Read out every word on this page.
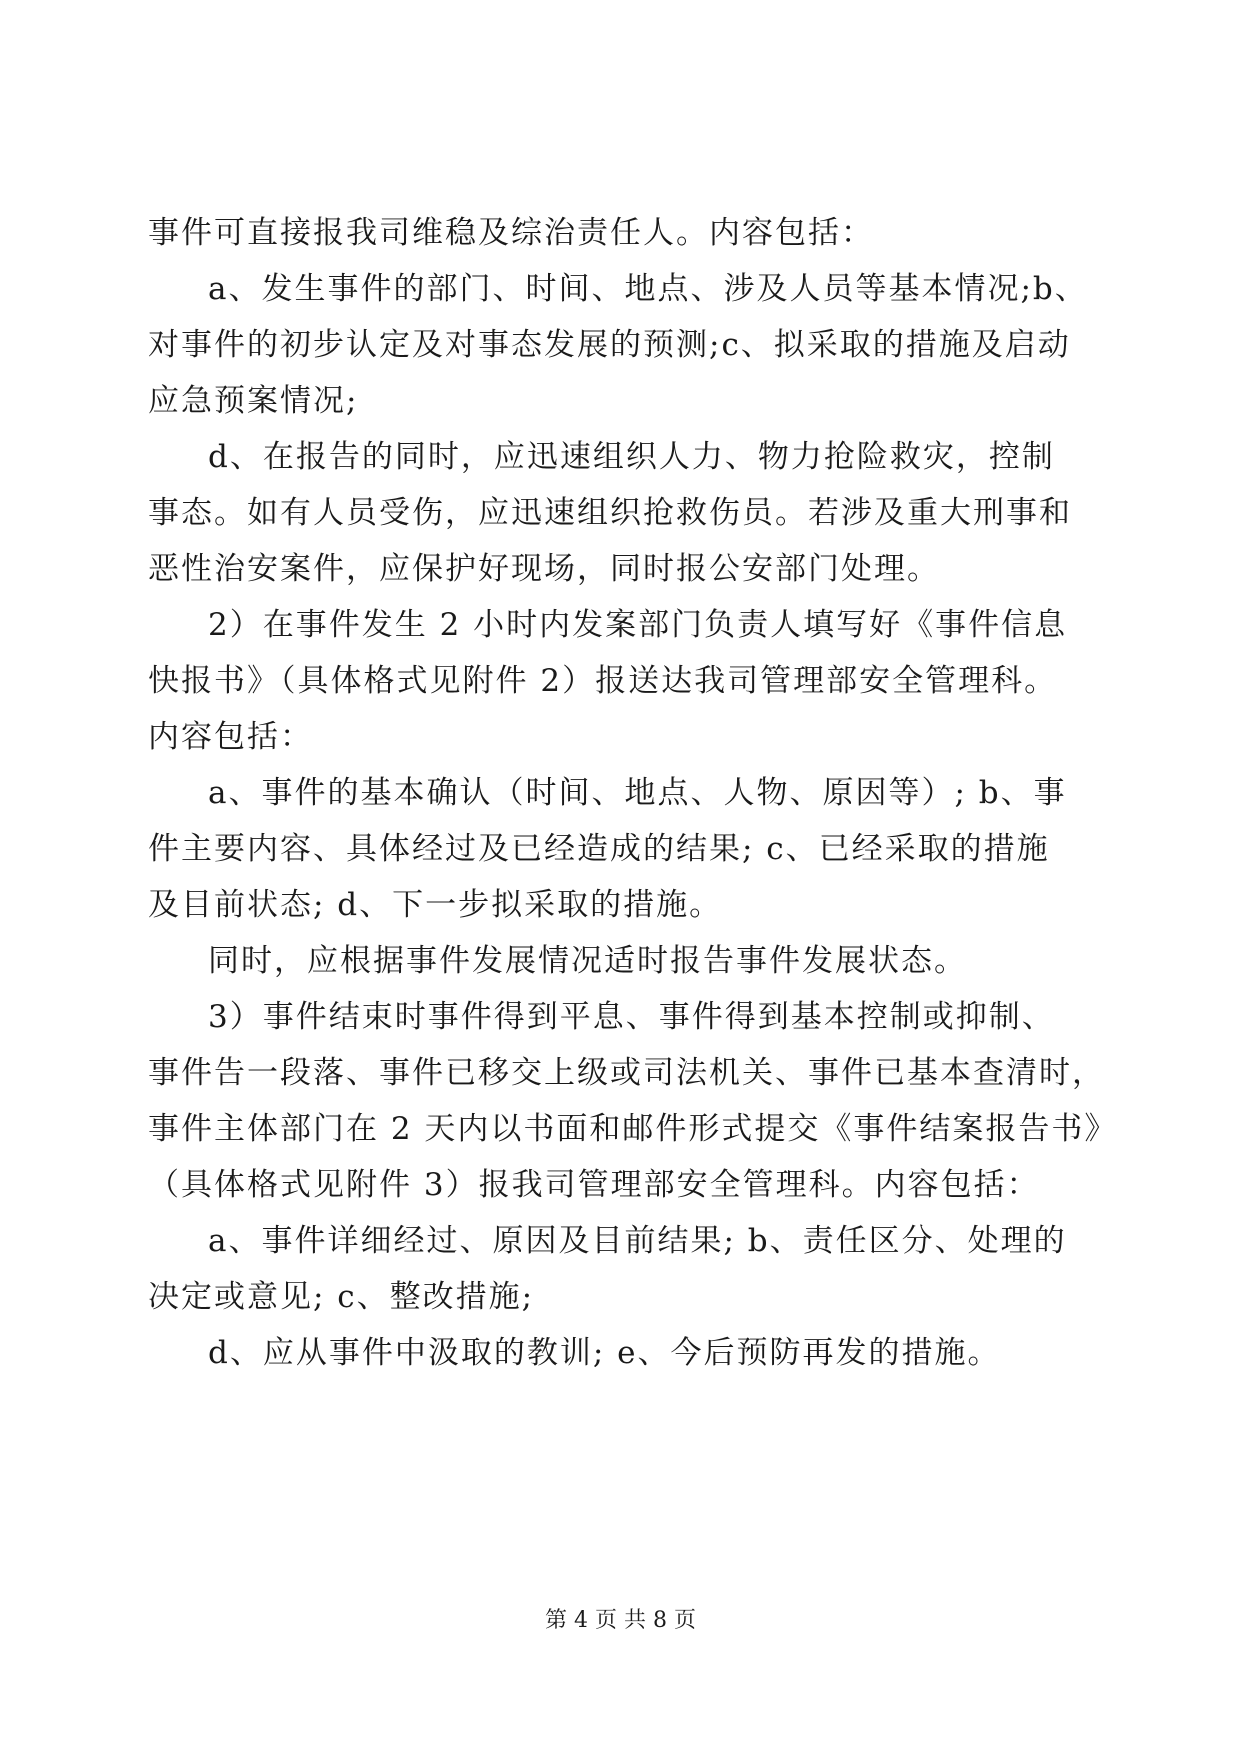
事件可直接报我司维稳及综治责任人。内容包括：
a、发生事件的部门、时间、地点、涉及人员等基本情况;b、
对事件的初步认定及对事态发展的预测;c、拟采取的措施及启动
应急预案情况;
d、在报告的同时，应迅速组织人力、物力抢险救灾，控制
事态。如有人员受伤，应迅速组织抢救伤员。若涉及重大刑事和
恶性治安案件，应保护好现场，同时报公安部门处理。
2）在事件发生 2 小时内发案部门负责人填写好《事件信息
快报书》（具体格式见附件 2）报送达我司管理部安全管理科。
内容包括：
a、事件的基本确认（时间、地点、人物、原因等）; b、事
件主要内容、具体经过及已经造成的结果; c、已经采取的措施
及目前状态; d、下一步拟采取的措施。
同时，应根据事件发展情况适时报告事件发展状态。
3）事件结束时事件得到平息、事件得到基本控制或抑制、
事件告一段落、事件已移交上级或司法机关、事件已基本查清时，
事件主体部门在 2 天内以书面和邮件形式提交《事件结案报告书》
（具体格式见附件 3）报我司管理部安全管理科。内容包括：
a、事件详细经过、原因及目前结果; b、责任区分、处理的
决定或意见; c、整改措施;
d、应从事件中汲取的教训; e、今后预防再发的措施。
第 4 页 共 8 页
